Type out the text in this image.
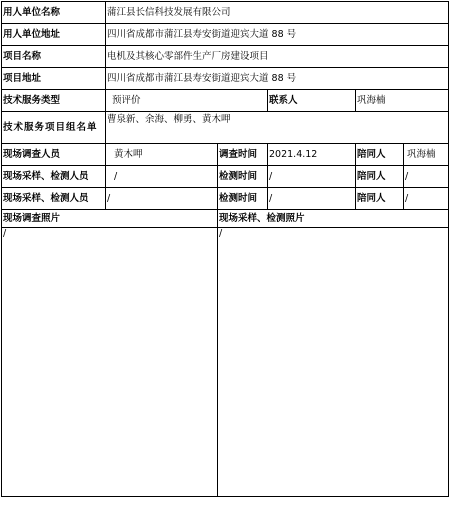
用人单位名称	蒲江县长信科技发展有限公司			
用人单位地址	四川省成都市蒲江县寿安街道迎宾大道 88 号			
项目名称	电机及其核心零部件生产厂房建设项目			
项目地址	四川省成都市蒲江县寿安街道迎宾大道 88 号			
技术服务类型	预评价		联系人	巩海楠
技术服务项目组名单	曹泉新、余海、柳勇、黄木呷			
现场调查人员	黄木呷	调查时间	2021.4.12	陪同人 巩海楠

现场采样、检测人员	/	检测时间	/	陪同人 /

现场采样、检测人员	/	检测时间	/	陪同人 /

现场调查照片		现场采样、检测照片		
/		/		
